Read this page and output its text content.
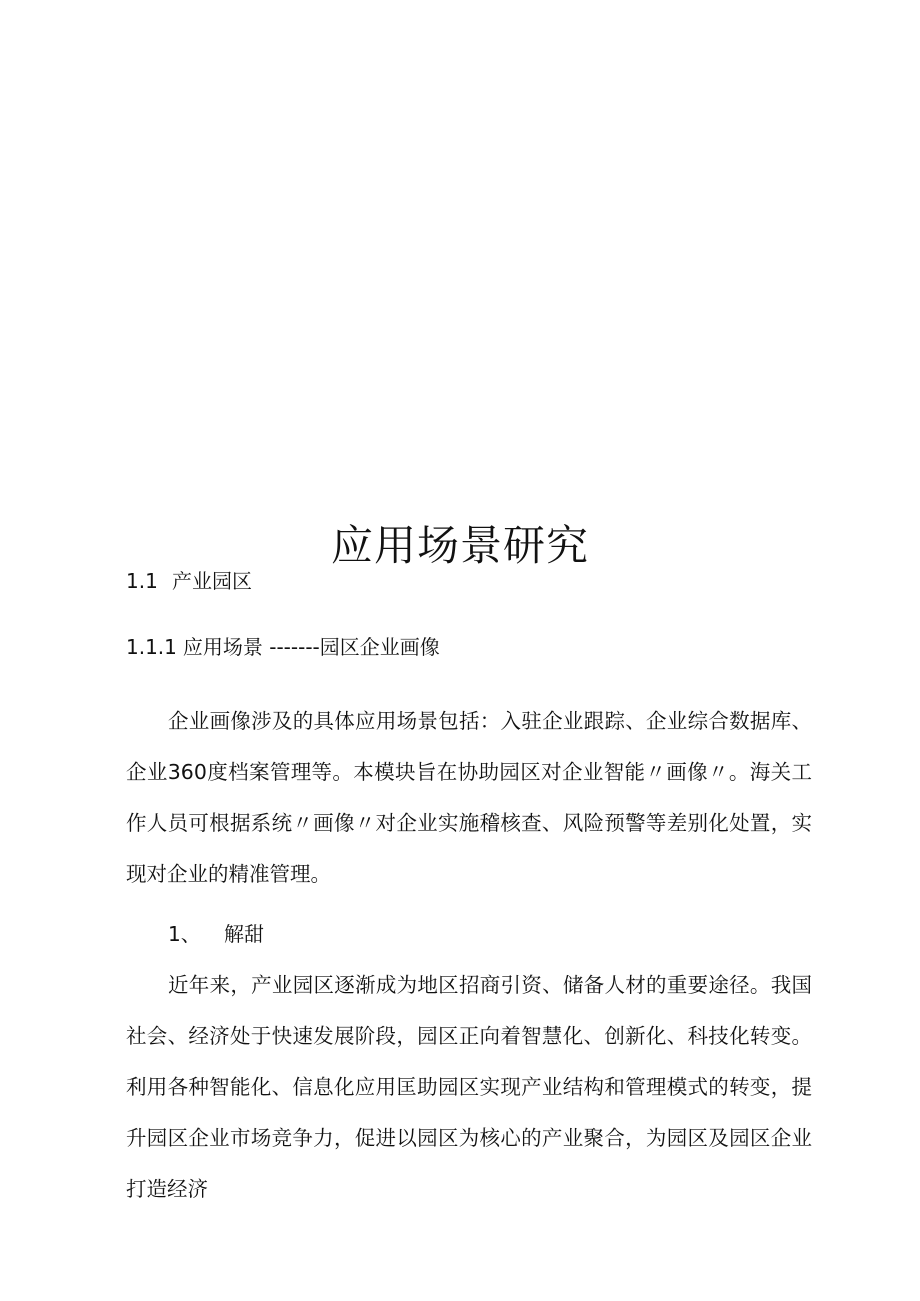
应用场景研究
1.1 产业园区
1.1.1 应用场景 -------园区企业画像

企业画像涉及的具体应用场景包括：入驻企业跟踪、企业综合数据库、企业360度档案管理等。本模块旨在协助园区对企业智能〃画像〃。海关工作人员可根据系统〃画像〃对企业实施稽核查、风险预警等差别化处置，实现对企业的精准管理。

1、 解甜

近年来，产业园区逐渐成为地区招商引资、储备人材的重要途径。我国社会、经济处于快速发展阶段，园区正向着智慧化、创新化、科技化转变。利用各种智能化、信息化应用匡助园区实现产业结构和管理模式的转变，提升园区企业市场竞争力，促进以园区为核心的产业聚合，为园区及园区企业打造经济
